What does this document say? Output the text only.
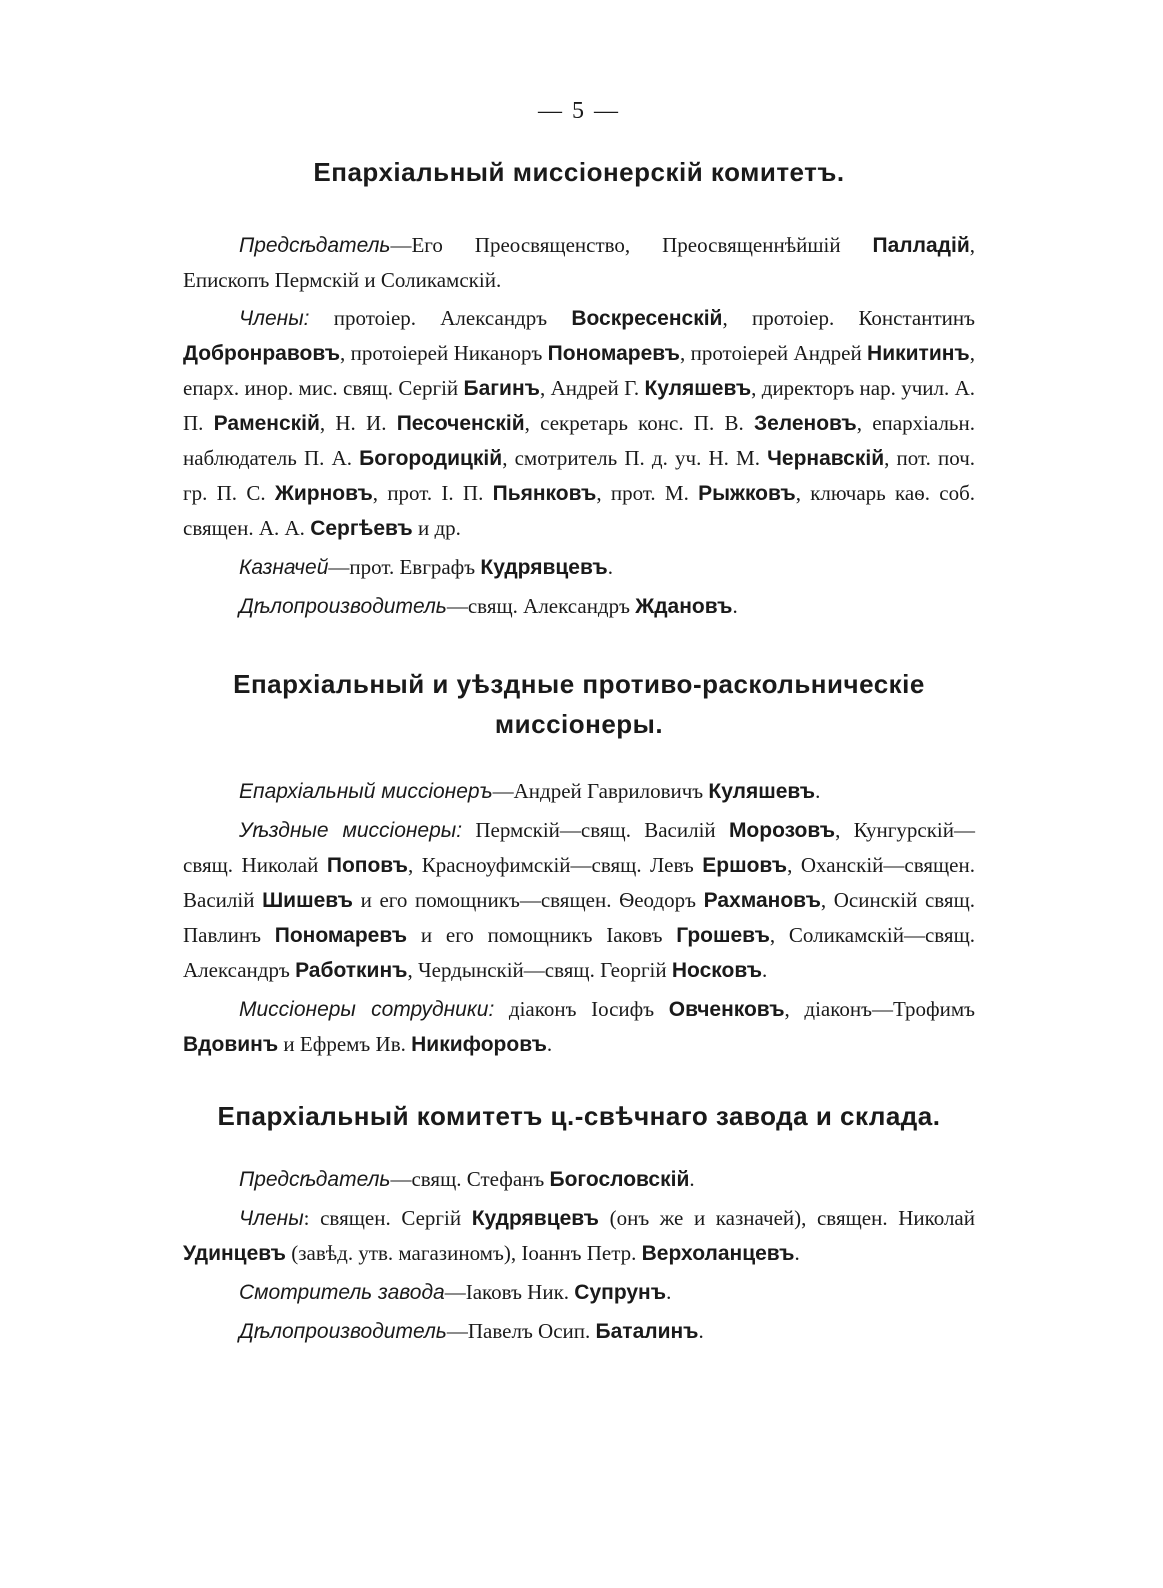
— 5 —
Епархіальный миссіонерскій комитетъ.

Предсѣдатель—Его Преосвященство, Преосвященнѣйшій Палладій, Епископъ Пермскій и Соликамскій.

Члены: протоіер. Александръ Воскресенскій, протоіер. Константинъ Добронравовъ, протоіерей Никаноръ Пономаревъ, протоіерей Андрей Никитинъ, епарх. инор. мис. свящ. Сергій Багинъ, Андрей Г. Куляшевъ, директоръ нар. учил. А. П. Раменскій, Н. И. Песоченскій, секретарь конс. П. В. Зеленовъ, епархіальн. наблюдатель П. А. Богородицкій, смотритель П. д. уч. Н. М. Чернавскій, пот. поч. гр. П. С. Жирновъ, прот. І. П. Пьянковъ, прот. М. Рыжковъ, ключарь каѳ. соб. священ. А. А. Сергѣевъ и др.

Казначей—прот. Евграфъ Кудрявцевъ.

Дѣлопроизводитель—свящ. Александръ Ждановъ.

Епархіальный и уѣздные противо-раскольническіе
миссіонеры.

Епархіальный миссіонеръ—Андрей Гавриловичъ Куляшевъ.

Уѣздные миссіонеры: Пермскій—свящ. Василій Морозовъ, Кунгурскій—свящ. Николай Поповъ, Красноуфимскій—свящ. Левъ Ершовъ, Оханскій—священ. Василій Шишевъ и его помощникъ—священ. Ѳеодоръ Рахмановъ, Осинскій свящ. Павлинъ Пономаревъ и его помощникъ Іаковъ Грошевъ, Соликамскій—свящ. Александръ Работкинъ, Чердынскій—свящ. Георгій Носковъ.

Миссіонеры сотрудники: діаконъ Іосифъ Овченковъ, діаконъ—Трофимъ Вдовинъ и Ефремъ Ив. Никифоровъ.

Епархіальный комитетъ ц.-свѣчнаго завода и склада.

Предсѣдатель—свящ. Стефанъ Богословскій.

Члены: священ. Сергій Кудрявцевъ (онъ же и казначей), священ. Николай Удинцевъ (завѣд. утв. магазиномъ), Іоаннъ Петр. Верхоланцевъ.

Смотритель завода—Іаковъ Ник. Супрунъ.

Дѣлопроизводитель—Павелъ Осип. Баталинъ.
